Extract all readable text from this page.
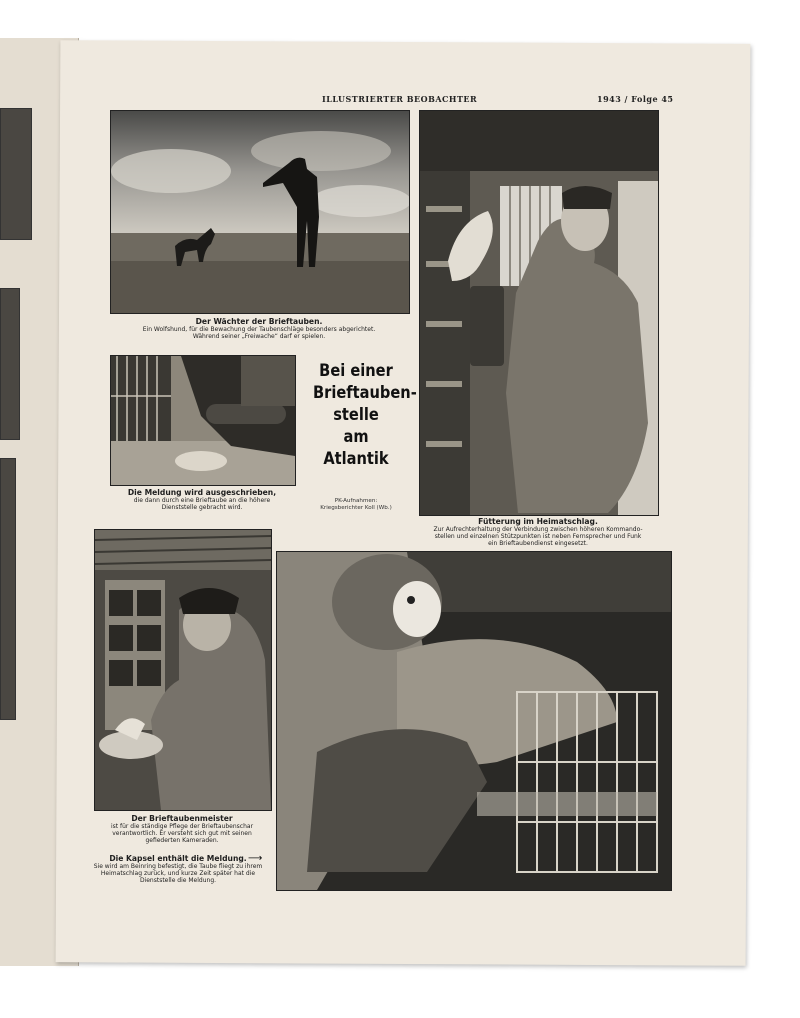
ILLUSTRIERTER BEOBACHTER	1943 / Folge 45
Der Wächter der Brieftauben.
Ein Wolfshund, für die Bewachung der Taubenschläge besonders abgerichtet.
Während seiner „Freiwache“ darf er spielen.
Die Meldung wird ausgeschrieben,
die dann durch eine Brieftaube an die höhere
Dienststelle gebracht wird.
Bei einer
Brieftauben-
stelle
am
Atlantik
PK-Aufnahmen:
Kriegsberichter Koll (Wb.)
Fütterung im Heimatschlag.
Zur Aufrechterhaltung der Verbindung zwischen höheren Kommando-
stellen und einzelnen Stützpunkten ist neben Fernsprecher und Funk
ein Brieftaubendienst eingesetzt.
Der Brieftaubenmeister
ist für die ständige Pflege der Brieftaubenschar
verantwortlich. Er versteht sich gut mit seinen
gefiederten Kameraden.
Die Kapsel enthält die Meldung.
Sie wird am Beinring befestigt, die Taube fliegt zu ihrem
Heimatschlag zurück, und kurze Zeit später hat die
Dienststelle die Meldung.
⟶
